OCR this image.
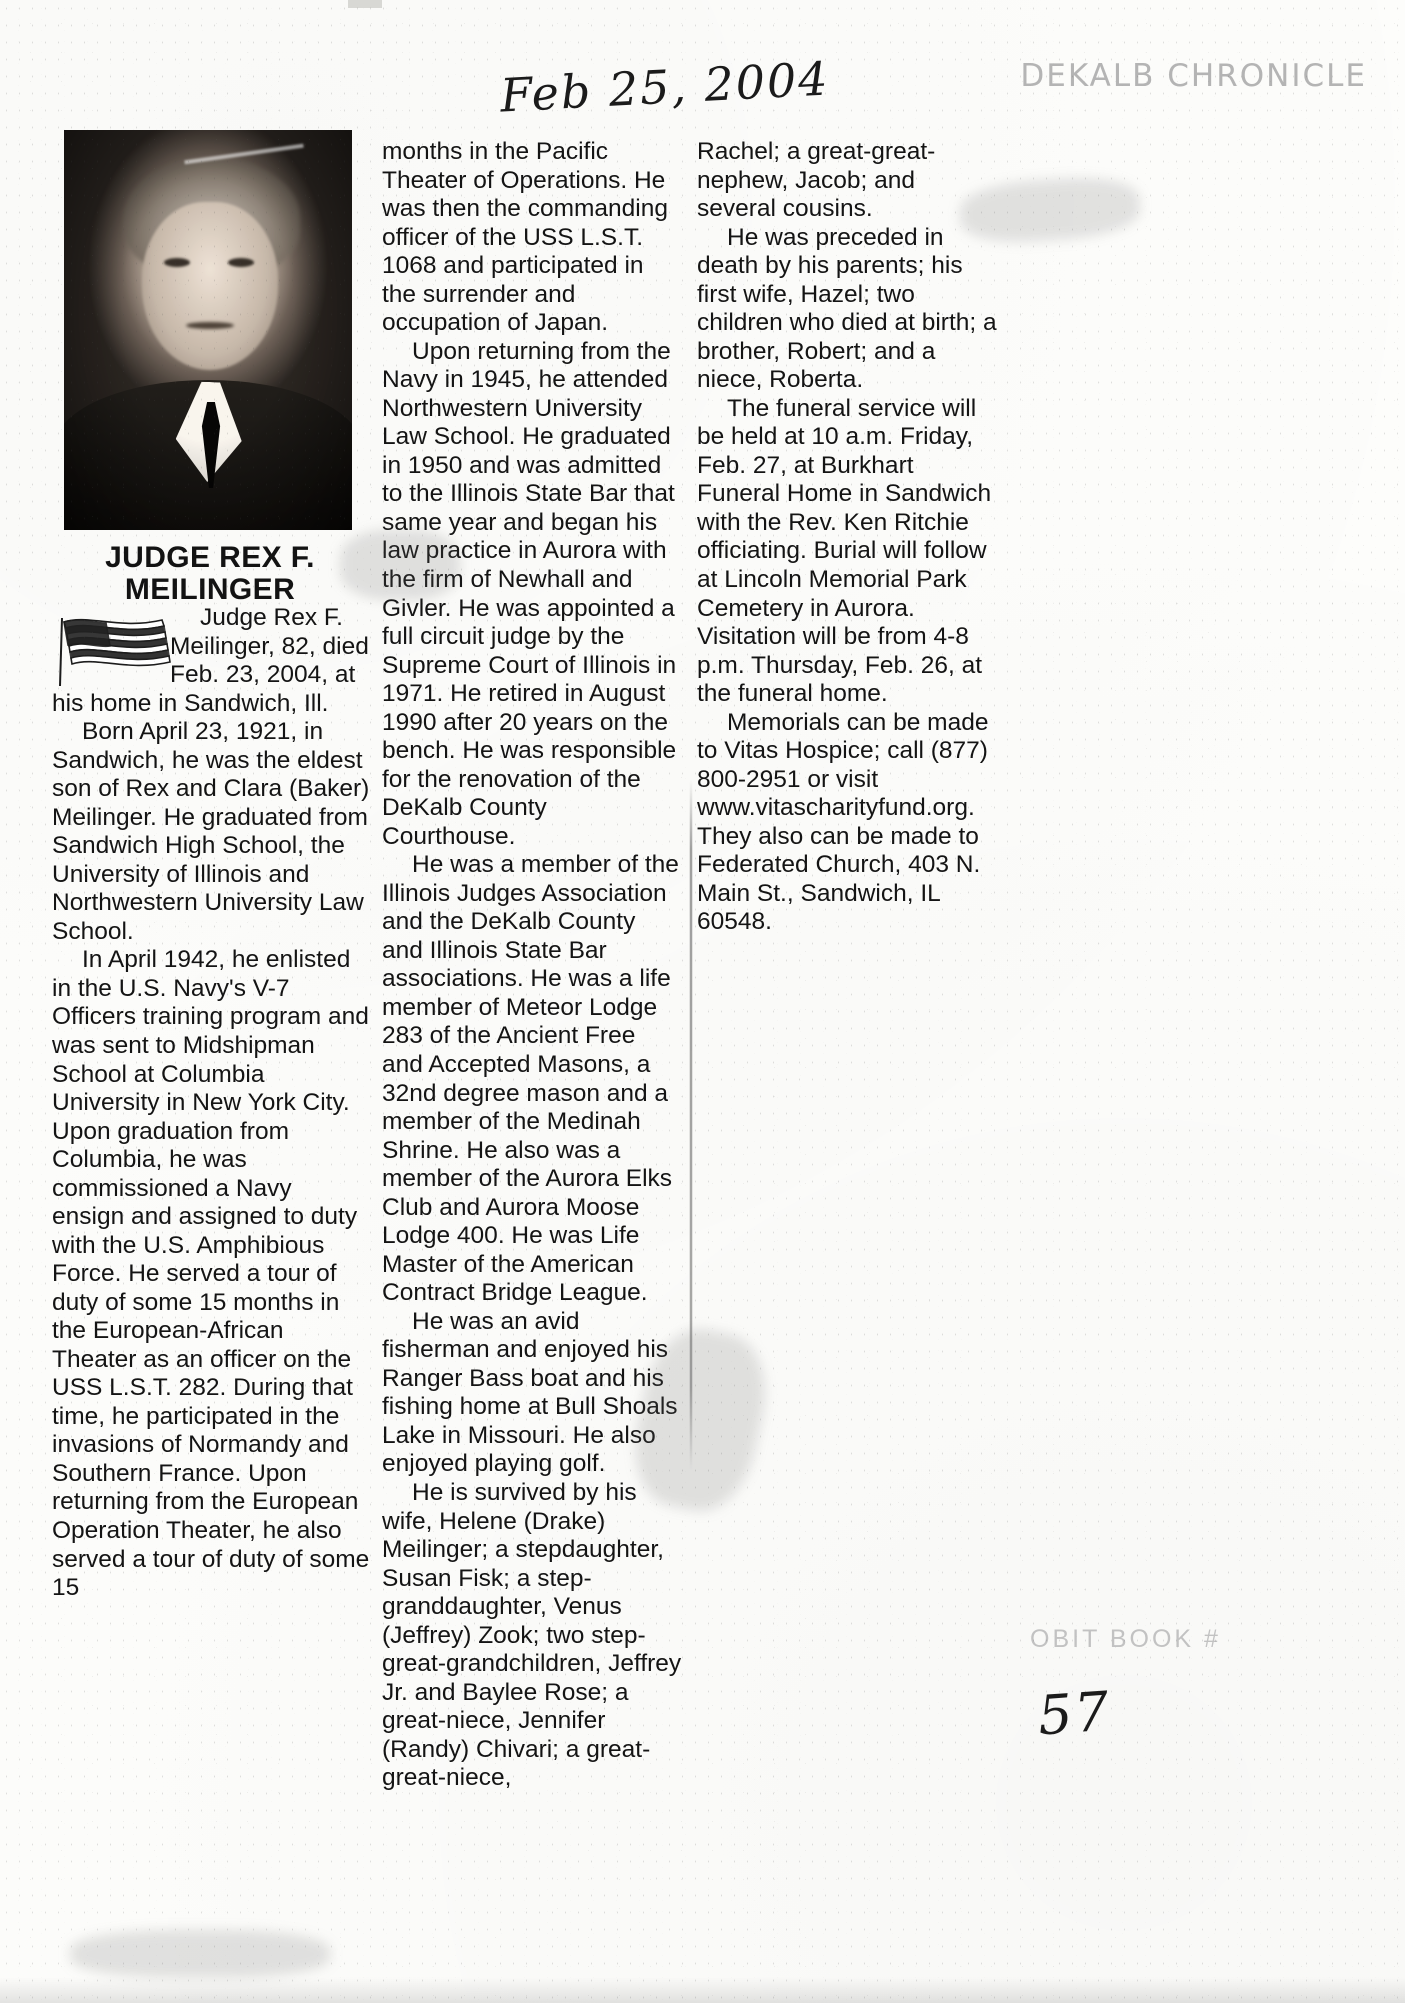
Feb 25, 2004	DEKALB CHRONICLE
OBIT BOOK #
57
JUDGE REX F.
MEILINGER

Judge Rex F. Meilinger, 82, died Feb. 23, 2004, at his home in Sandwich, Ill.

Born April 23, 1921, in Sandwich, he was the eldest son of Rex and Clara (Baker) Meilinger. He graduated from Sandwich High School, the University of Illinois and Northwestern University Law School.

In April 1942, he enlisted in the U.S. Navy's V-7 Officers training program and was sent to Midshipman School at Columbia University in New York City. Upon graduation from Columbia, he was commissioned a Navy ensign and assigned to duty with the U.S. Amphibious Force. He served a tour of duty of some 15 months in the European-African Theater as an officer on the USS L.S.T. 282. During that time, he participated in the invasions of Normandy and Southern France. Upon returning from the European Operation Theater, he also served a tour of duty of some 15

months in the Pacific Theater of Operations. He was then the commanding officer of the USS L.S.T. 1068 and participated in the surrender and occupation of Japan.

Upon returning from the Navy in 1945, he attended Northwestern University Law School. He graduated in 1950 and was admitted to the Illinois State Bar that same year and began his law practice in Aurora with the firm of Newhall and Givler. He was appointed a full circuit judge by the Supreme Court of Illinois in 1971. He retired in August 1990 after 20 years on the bench. He was responsible for the renovation of the DeKalb County Courthouse.

He was a member of the Illinois Judges Association and the DeKalb County and Illinois State Bar associations. He was a life member of Meteor Lodge 283 of the Ancient Free and Accepted Masons, a 32nd degree mason and a member of the Medinah Shrine. He also was a member of the Aurora Elks Club and Aurora Moose Lodge 400. He was Life Master of the American Contract Bridge League.

He was an avid fisherman and enjoyed his Ranger Bass boat and his fishing home at Bull Shoals Lake in Missouri. He also enjoyed playing golf.

He is survived by his wife, Helene (Drake) Meilinger; a stepdaughter, Susan Fisk; a step-granddaughter, Venus (Jeffrey) Zook; two step-great-grandchildren, Jeffrey Jr. and Baylee Rose; a great-niece, Jennifer (Randy) Chivari; a great-great-niece,

Rachel; a great-great-nephew, Jacob; and several cousins.

He was preceded in death by his parents; his first wife, Hazel; two children who died at birth; a brother, Robert; and a niece, Roberta.

The funeral service will be held at 10 a.m. Friday, Feb. 27, at Burkhart Funeral Home in Sandwich with the Rev. Ken Ritchie officiating. Burial will follow at Lincoln Memorial Park Cemetery in Aurora. Visitation will be from 4-8 p.m. Thursday, Feb. 26, at the funeral home.

Memorials can be made to Vitas Hospice; call (877) 800-2951 or visit www.vitascharityfund.org. They also can be made to Federated Church, 403 N. Main St., Sandwich, IL 60548.
